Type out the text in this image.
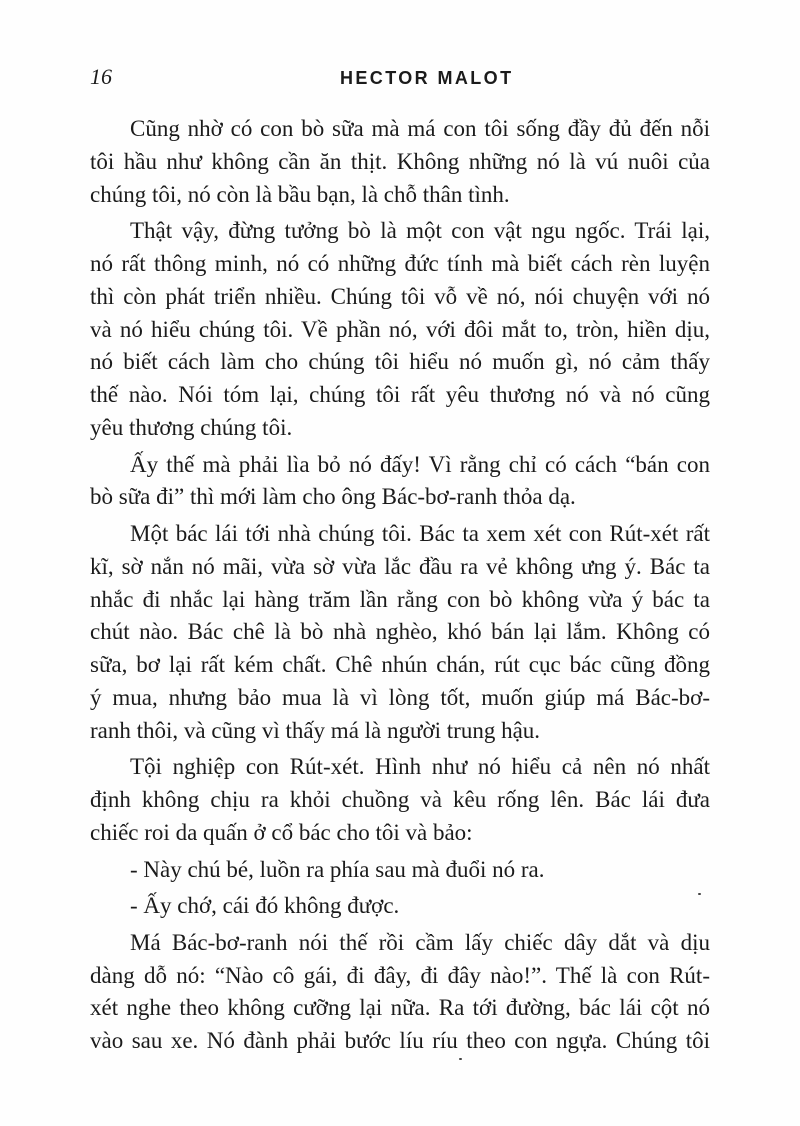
16	HECTOR MALOT
Cũng nhờ có con bò sữa mà má con tôi sống đầy đủ đến nỗi
tôi hầu như không cần ăn thịt. Không những nó là vú nuôi của
chúng tôi, nó còn là bầu bạn, là chỗ thân tình.
Thật vậy, đừng tưởng bò là một con vật ngu ngốc. Trái lại,
nó rất thông minh, nó có những đức tính mà biết cách rèn luyện
thì còn phát triển nhiều. Chúng tôi vỗ về nó, nói chuyện với nó
và nó hiểu chúng tôi. Về phần nó, với đôi mắt to, tròn, hiền dịu,
nó biết cách làm cho chúng tôi hiểu nó muốn gì, nó cảm thấy
thế nào. Nói tóm lại, chúng tôi rất yêu thương nó và nó cũng
yêu thương chúng tôi.
Ấy thế mà phải lìa bỏ nó đấy! Vì rằng chỉ có cách “bán con
bò sữa đi” thì mới làm cho ông Bác-bơ-ranh thỏa dạ.
Một bác lái tới nhà chúng tôi. Bác ta xem xét con Rút-xét rất
kĩ, sờ nắn nó mãi, vừa sờ vừa lắc đầu ra vẻ không ưng ý. Bác ta
nhắc đi nhắc lại hàng trăm lần rằng con bò không vừa ý bác ta
chút nào. Bác chê là bò nhà nghèo, khó bán lại lắm. Không có
sữa, bơ lại rất kém chất. Chê nhún chán, rút cục bác cũng đồng
ý mua, nhưng bảo mua là vì lòng tốt, muốn giúp má Bác-bơ-
ranh thôi, và cũng vì thấy má là người trung hậu.
Tội nghiệp con Rút-xét. Hình như nó hiểu cả nên nó nhất
định không chịu ra khỏi chuồng và kêu rống lên. Bác lái đưa
chiếc roi da quấn ở cổ bác cho tôi và bảo:
- Này chú bé, luồn ra phía sau mà đuổi nó ra.
- Ấy chớ, cái đó không được.
Má Bác-bơ-ranh nói thế rồi cầm lấy chiếc dây dắt và dịu
dàng dỗ nó: “Nào cô gái, đi đây, đi đây nào!”. Thế là con Rút-
xét nghe theo không cưỡng lại nữa. Ra tới đường, bác lái cột nó
vào sau xe. Nó đành phải bước líu ríu theo con ngựa. Chúng tôi
